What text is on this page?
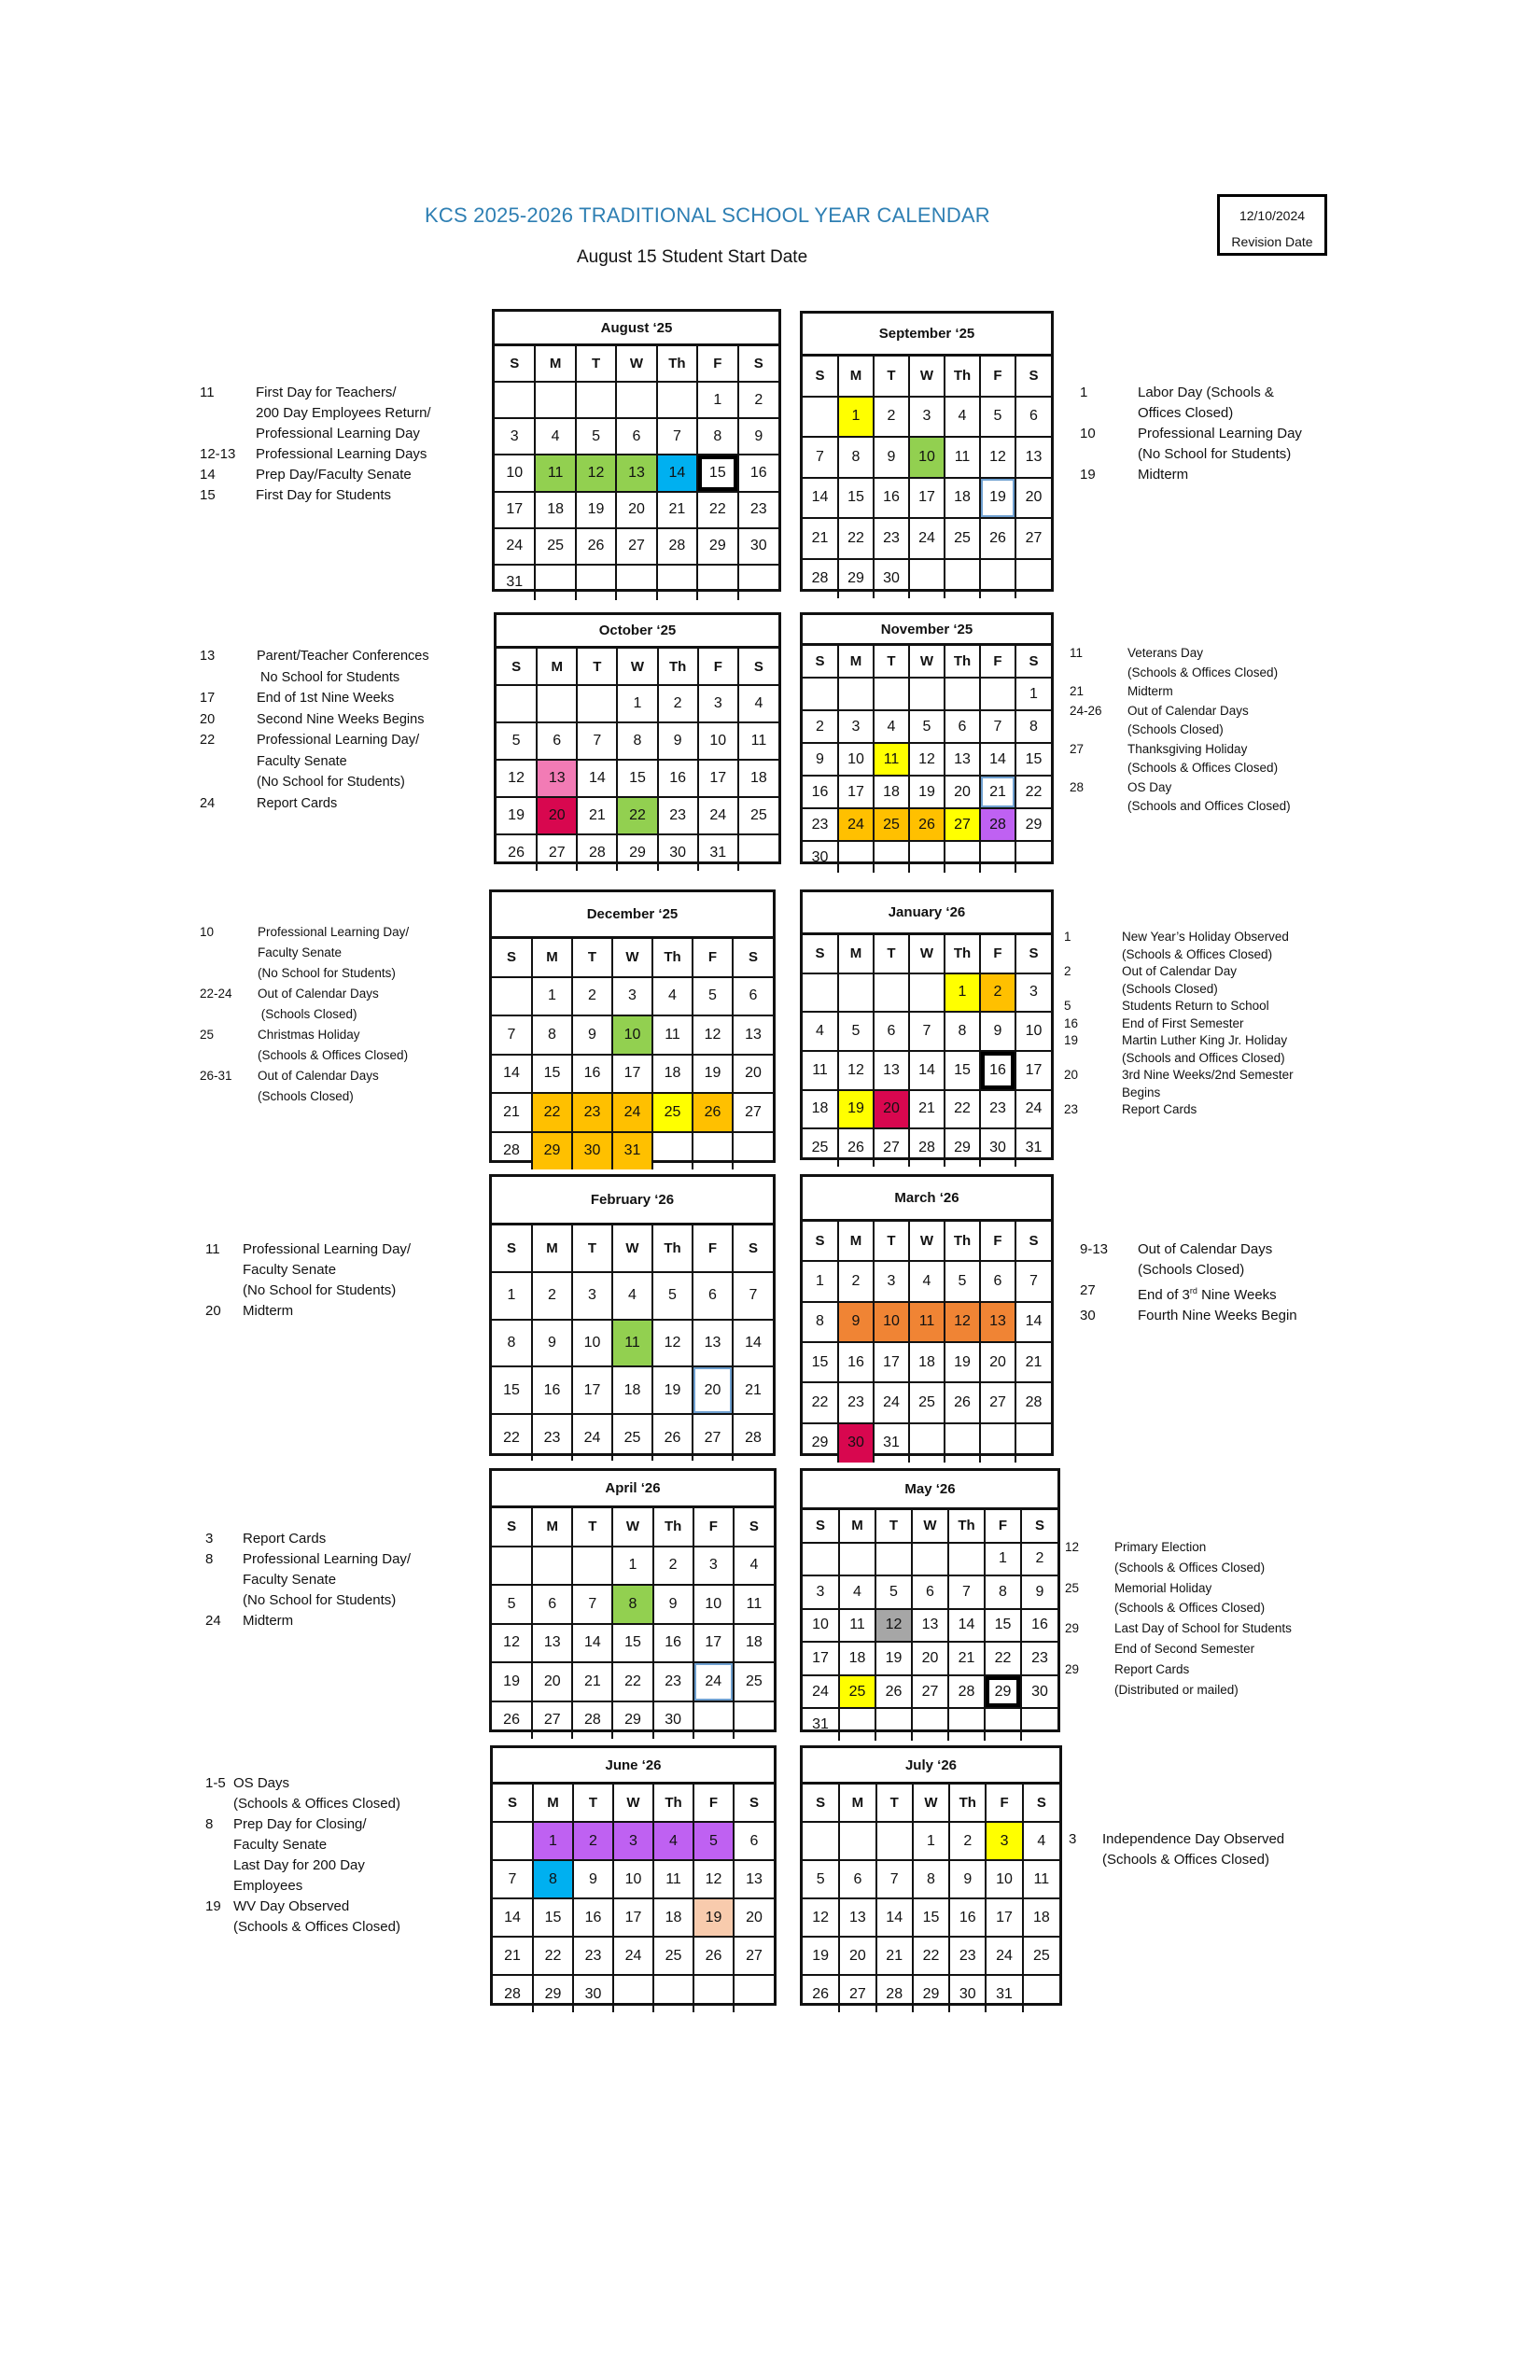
KCS 2025-2026 TRADITIONAL SCHOOL YEAR CALENDAR
August 15 Student Start Date
12/10/2024
Revision Date
August ‘25
S	M	T	W	Th	F	S
					1	2
3	4	5	6	7	8	9
10	11	12	13	14	15	16
17	18	19	20	21	22	23
24	25	26	27	28	29	30
31						
September ‘25
S	M	T	W	Th	F	S
	1	2	3	4	5	6
7	8	9	10	11	12	13
14	15	16	17	18	19	20
21	22	23	24	25	26	27
28	29	30				
October ‘25
S	M	T	W	Th	F	S
			1	2	3	4
5	6	7	8	9	10	11
12	13	14	15	16	17	18
19	20	21	22	23	24	25
26	27	28	29	30	31	
November ‘25
S	M	T	W	Th	F	S
						1
2	3	4	5	6	7	8
9	10	11	12	13	14	15
16	17	18	19	20	21	22
23	24	25	26	27	28	29
30						
December ‘25
S	M	T	W	Th	F	S
	1	2	3	4	5	6
7	8	9	10	11	12	13
14	15	16	17	18	19	20
21	22	23	24	25	26	27
28	29	30	31			
January ‘26
S	M	T	W	Th	F	S
				1	2	3
4	5	6	7	8	9	10
11	12	13	14	15	16	17
18	19	20	21	22	23	24
25	26	27	28	29	30	31
February ‘26
S	M	T	W	Th	F	S
1	2	3	4	5	6	7
8	9	10	11	12	13	14
15	16	17	18	19	20	21
22	23	24	25	26	27	28
March ‘26
S	M	T	W	Th	F	S
1	2	3	4	5	6	7
8	9	10	11	12	13	14
15	16	17	18	19	20	21
22	23	24	25	26	27	28
29	30	31				
April ‘26
S	M	T	W	Th	F	S
			1	2	3	4
5	6	7	8	9	10	11
12	13	14	15	16	17	18
19	20	21	22	23	24	25
26	27	28	29	30		
May ‘26
S	M	T	W	Th	F	S
					1	2
3	4	5	6	7	8	9
10	11	12	13	14	15	16
17	18	19	20	21	22	23
24	25	26	27	28	29	30
31						
June ‘26
S	M	T	W	Th	F	S
	1	2	3	4	5	6
7	8	9	10	11	12	13
14	15	16	17	18	19	20
21	22	23	24	25	26	27
28	29	30				
July ‘26
S	M	T	W	Th	F	S
			1	2	3	4
5	6	7	8	9	10	11
12	13	14	15	16	17	18
19	20	21	22	23	24	25
26	27	28	29	30	31	
11	First Day for Teachers/
200 Day Employees Return/
Professional Learning Day
12-13	Professional Learning Days
14	Prep Day/Faculty Senate
15	First Day for Students
1	Labor Day (Schools &
Offices Closed)
10	Professional Learning Day
(No School for Students)
19	Midterm
13	Parent/Teacher Conferences
No School for Students
17	End of 1st Nine Weeks
20	Second Nine Weeks Begins
22	Professional Learning Day/
Faculty Senate
(No School for Students)
24	Report Cards
11	Veterans Day
(Schools & Offices Closed)
21	Midterm
24-26	Out of Calendar Days
(Schools Closed)
27	Thanksgiving Holiday
(Schools & Offices Closed)
28	OS Day
(Schools and Offices Closed)
10	Professional Learning Day/
Faculty Senate
(No School for Students)
22-24	Out of Calendar Days
(Schools Closed)
25	Christmas Holiday
(Schools & Offices Closed)
26-31	Out of Calendar Days
(Schools Closed)
1	New Year’s Holiday Observed
(Schools & Offices Closed)
2	Out of Calendar Day
(Schools Closed)
5	Students Return to School
16	End of First Semester
19	Martin Luther King Jr. Holiday
(Schools and Offices Closed)
20	3rd Nine Weeks/2nd Semester
Begins
23	Report Cards
11	Professional Learning Day/
Faculty Senate
(No School for Students)
20	Midterm
9-13	Out of Calendar Days
(Schools Closed)
27	End of 3rd Nine Weeks
30	Fourth Nine Weeks Begin
3	Report Cards
8	Professional Learning Day/
Faculty Senate
(No School for Students)
24	Midterm
12	Primary Election
(Schools & Offices Closed)
25	Memorial Holiday
(Schools & Offices Closed)
29	Last Day of School for Students
End of Second Semester
29	Report Cards
(Distributed or mailed)
1-5 OS Days
(Schools & Offices Closed)
8	Prep Day for Closing/
Faculty Senate
Last Day for 200 Day
Employees
19 WV Day Observed
(Schools & Offices Closed)
3	Independence Day Observed
(Schools & Offices Closed)
